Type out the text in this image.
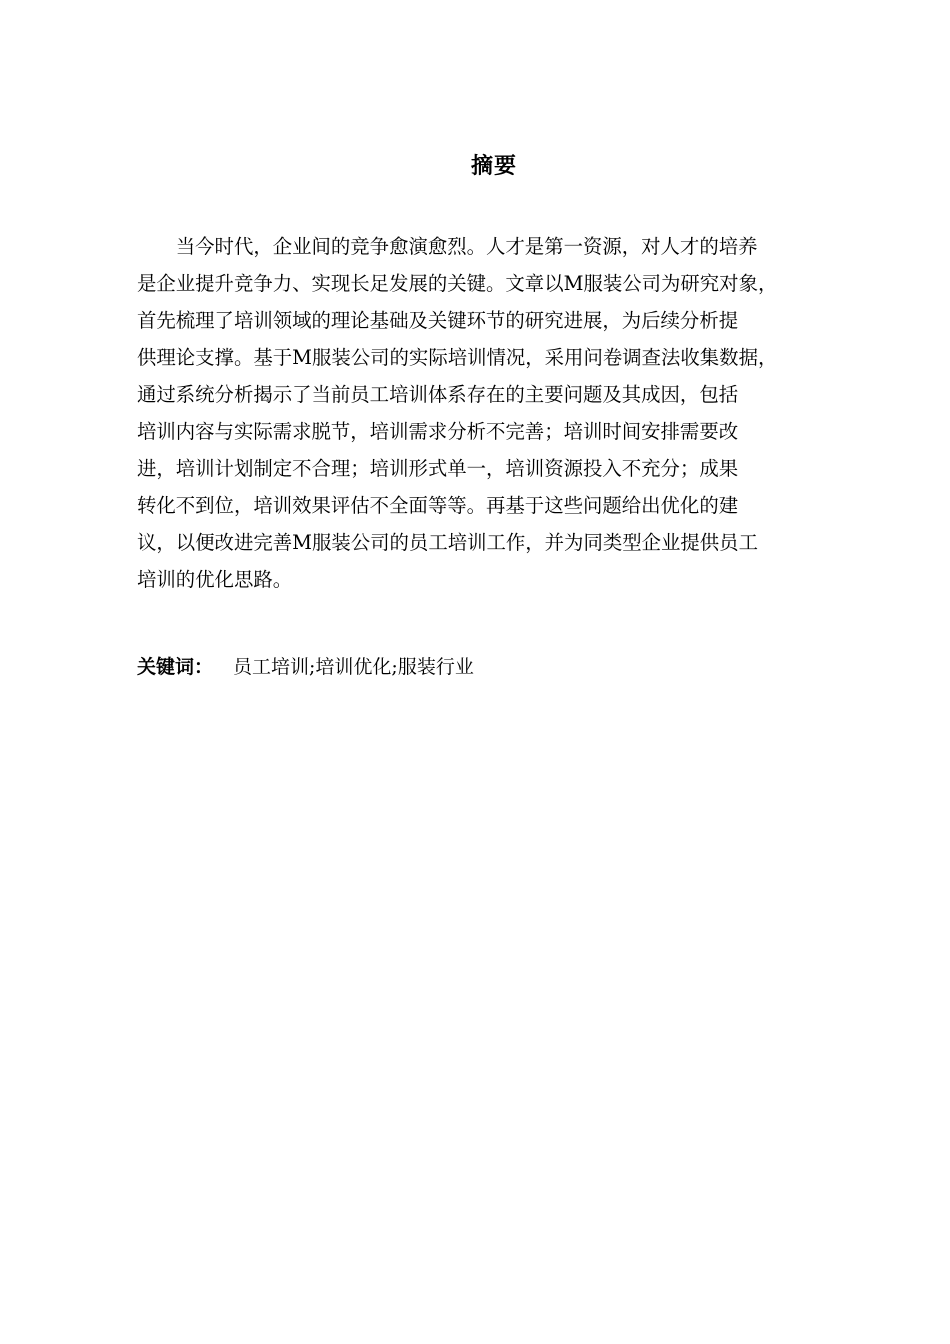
摘要
　　当今时代，企业间的竞争愈演愈烈。人才是第一资源，对人才的培养
是企业提升竞争力、实现长足发展的关键。文章以M服装公司为研究对象，
首先梳理了培训领域的理论基础及关键环节的研究进展，为后续分析提
供理论支撑。基于M服装公司的实际培训情况，采用问卷调查法收集数据，
通过系统分析揭示了当前员工培训体系存在的主要问题及其成因，包括
培训内容与实际需求脱节，培训需求分析不完善；培训时间安排需要改
进，培训计划制定不合理；培训形式单一，培训资源投入不充分；成果
转化不到位，培训效果评估不全面等等。再基于这些问题给出优化的建
议，以便改进完善M服装公司的员工培训工作，并为同类型企业提供员工
培训的优化思路。
关键词： 员工培训;培训优化;服装行业
